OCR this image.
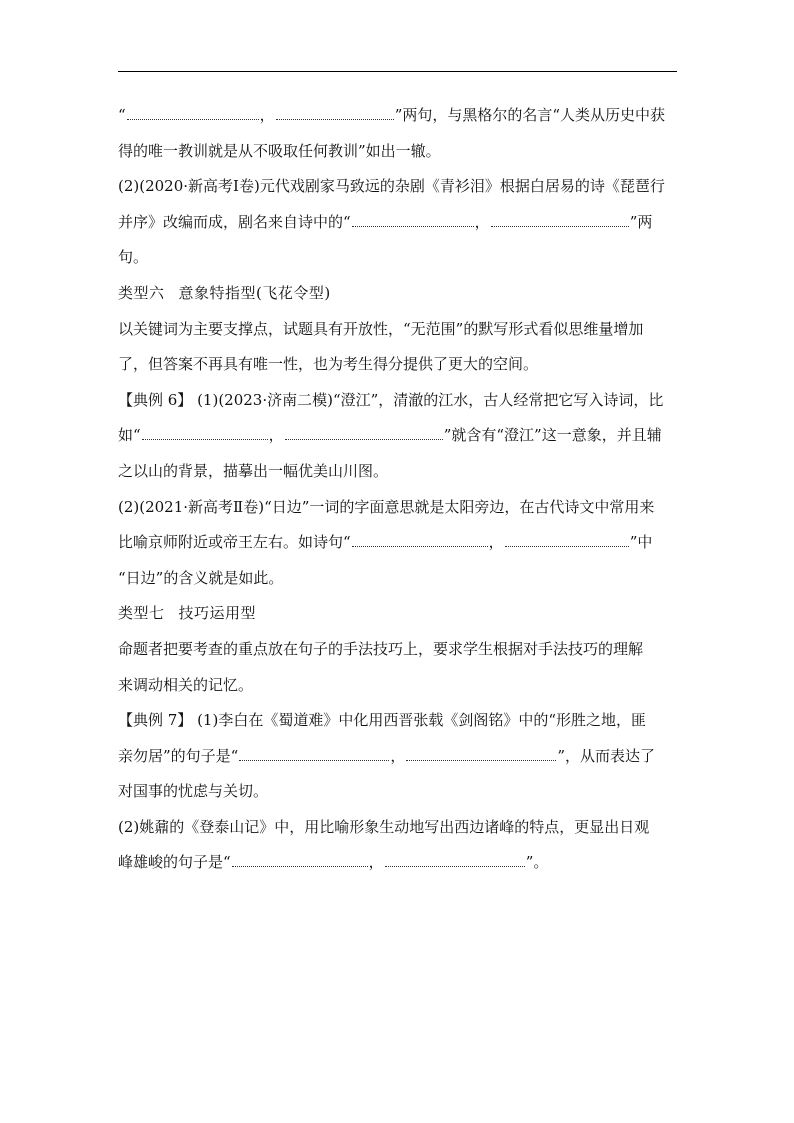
“	，	”两句，与黑格尔的名言“人类从历史中获

得的唯一教训就是从不吸取任何教训”如出一辙。

(2)(2020·新高考Ⅰ卷)元代戏剧家马致远的杂剧《青衫泪》根据白居易的诗《琵琶行

并序》改编而成，剧名来自诗中的“	，	”两

句。

类型六 意象特指型(飞花令型)

以关键词为主要支撑点，试题具有开放性，“无范围”的默写形式看似思维量增加

了，但答案不再具有唯一性，也为考生得分提供了更大的空间。

【典例 6】 (1)(2023·济南二模)“澄江”，清澈的江水，古人经常把它写入诗词，比

如“	，	”就含有“澄江”这一意象，并且辅

之以山的背景，描摹出一幅优美山川图。

(2)(2021·新高考Ⅱ卷)“日边”一词的字面意思就是太阳旁边，在古代诗文中常用来

比喻京师附近或帝王左右。如诗句“	，	”中

“日边”的含义就是如此。

类型七 技巧运用型

命题者把要考查的重点放在句子的手法技巧上，要求学生根据对手法技巧的理解

来调动相关的记忆。

【典例 7】 (1)李白在《蜀道难》中化用西晋张载《剑阁铭》中的“形胜之地，匪

亲勿居”的句子是“	，	”，从而表达了

对国事的忧虑与关切。

(2)姚鼐的《登泰山记》中，用比喻形象生动地写出西边诸峰的特点，更显出日观

峰雄峻的句子是“	，	”。
